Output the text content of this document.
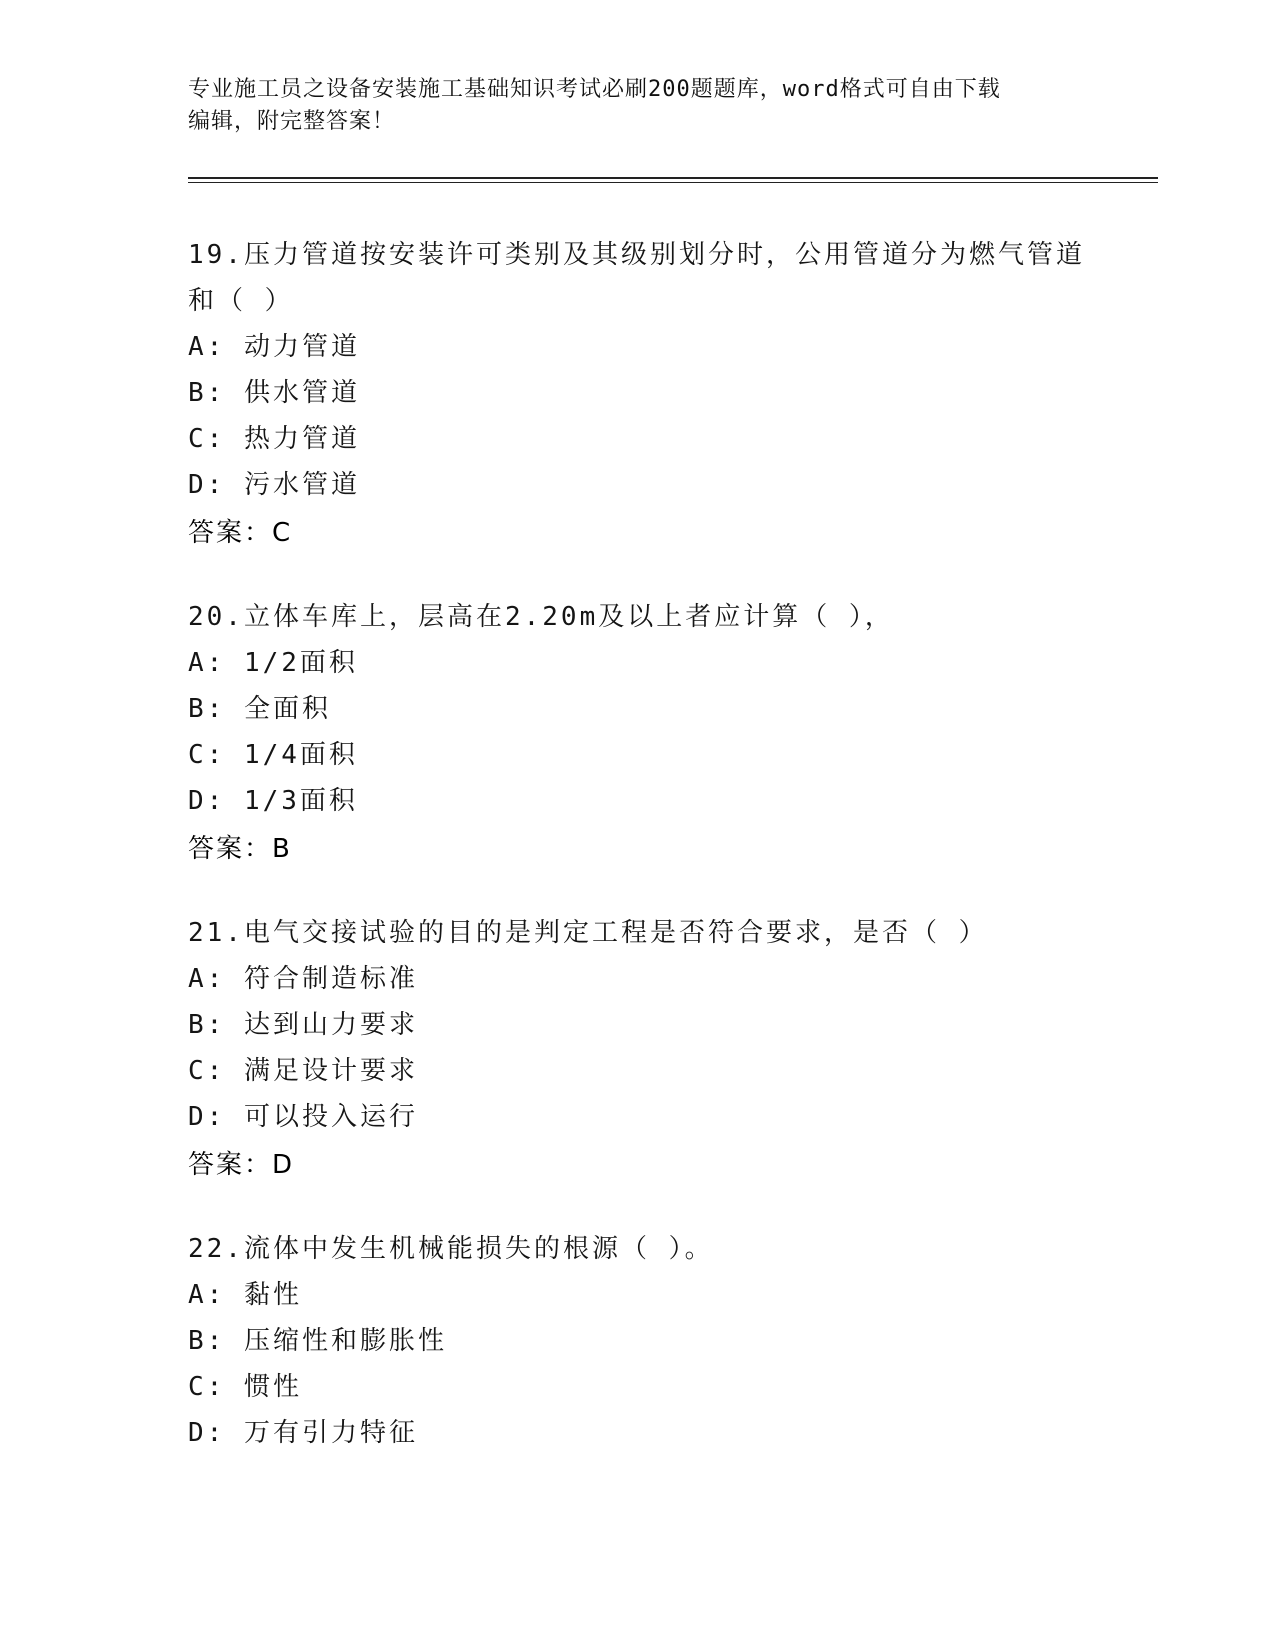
专业施工员之设备安装施工基础知识考试必刷200题题库，word格式可自由下载
编辑，附完整答案！
19.压力管道按安装许可类别及其级别划分时，公用管道分为燃气管道
和（ ）
A: 动力管道
B: 供水管道
C: 热力管道
D: 污水管道
答案：C
20.立体车库上，层高在2.20m及以上者应计算（ ），
A: 1/2面积
B: 全面积
C: 1/4面积
D: 1/3面积
答案：B
21.电气交接试验的目的是判定工程是否符合要求，是否（ ）
A: 符合制造标准
B: 达到山力要求
C: 满足设计要求
D: 可以投入运行
答案：D
22.流体中发生机械能损失的根源（ ）。
A: 黏性
B: 压缩性和膨胀性
C: 惯性
D: 万有引力特征
